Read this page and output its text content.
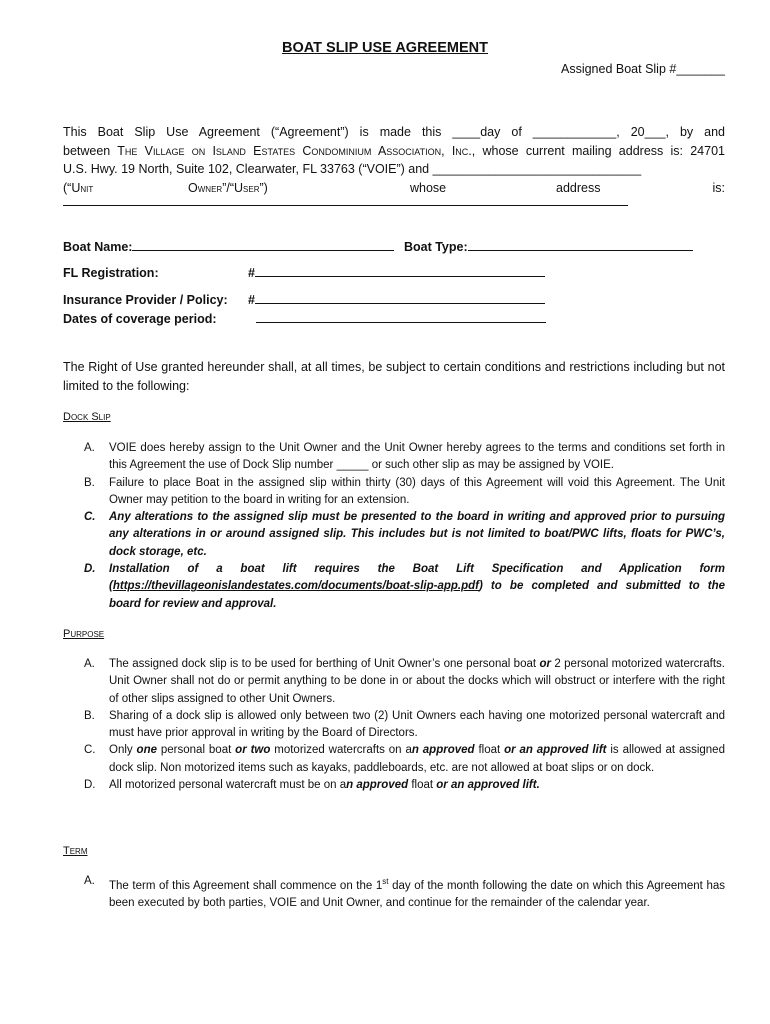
BOAT SLIP USE AGREEMENT
Assigned Boat Slip #_______
This Boat Slip Use Agreement (“Agreement”) is made this ____day of ____________, 20___, by and
between The Village on Island Estates Condominium Association, Inc., whose current mailing address is: 24701
U.S. Hwy. 19 North, Suite 102, Clearwater, FL 33763 (“VOIE”) and ______________________________
(“Unit	Owner”/“User”)	whose	address	is:
Boat Name:	Boat Type:
FL Registration:	#
Insurance Provider / Policy: #
Dates of coverage period:
The Right of Use granted hereunder shall, at all times, be subject to certain conditions and restrictions including but not limited to the following:
Dock Slip
A. VOIE does hereby assign to the Unit Owner and the Unit Owner hereby agrees to the terms and conditions set forth in this Agreement the use of Dock Slip number _____ or such other slip as may be assigned by VOIE.
B. Failure to place Boat in the assigned slip within thirty (30) days of this Agreement will void this Agreement. The Unit Owner may petition to the board in writing for an extension.
C. Any alterations to the assigned slip must be presented to the board in writing and approved prior to pursuing any alterations in or around assigned slip. This includes but is not limited to boat/PWC lifts, floats for PWC’s, dock storage, etc.
D. Installation of a boat lift requires the Boat Lift Specification and Application form (https://thevillageonislandestates.com/documents/boat-slip-app.pdf) to be completed and submitted to the board for review and approval.
Purpose
A. The assigned dock slip is to be used for berthing of Unit Owner’s one personal boat or 2 personal motorized watercrafts. Unit Owner shall not do or permit anything to be done in or about the docks which will obstruct or interfere with the right of other slips assigned to other Unit Owners.
B. Sharing of a dock slip is allowed only between two (2) Unit Owners each having one motorized personal watercraft and must have prior approval in writing by the Board of Directors.
C. Only one personal boat or two motorized watercrafts on an approved float or an approved lift is allowed at assigned dock slip. Non motorized items such as kayaks, paddleboards, etc. are not allowed at boat slips or on dock.
D. All motorized personal watercraft must be on an approved float or an approved lift.
Term
A. The term of this Agreement shall commence on the 1st day of the month following the date on which this Agreement has been executed by both parties, VOIE and Unit Owner, and continue for the remainder of the calendar year.
